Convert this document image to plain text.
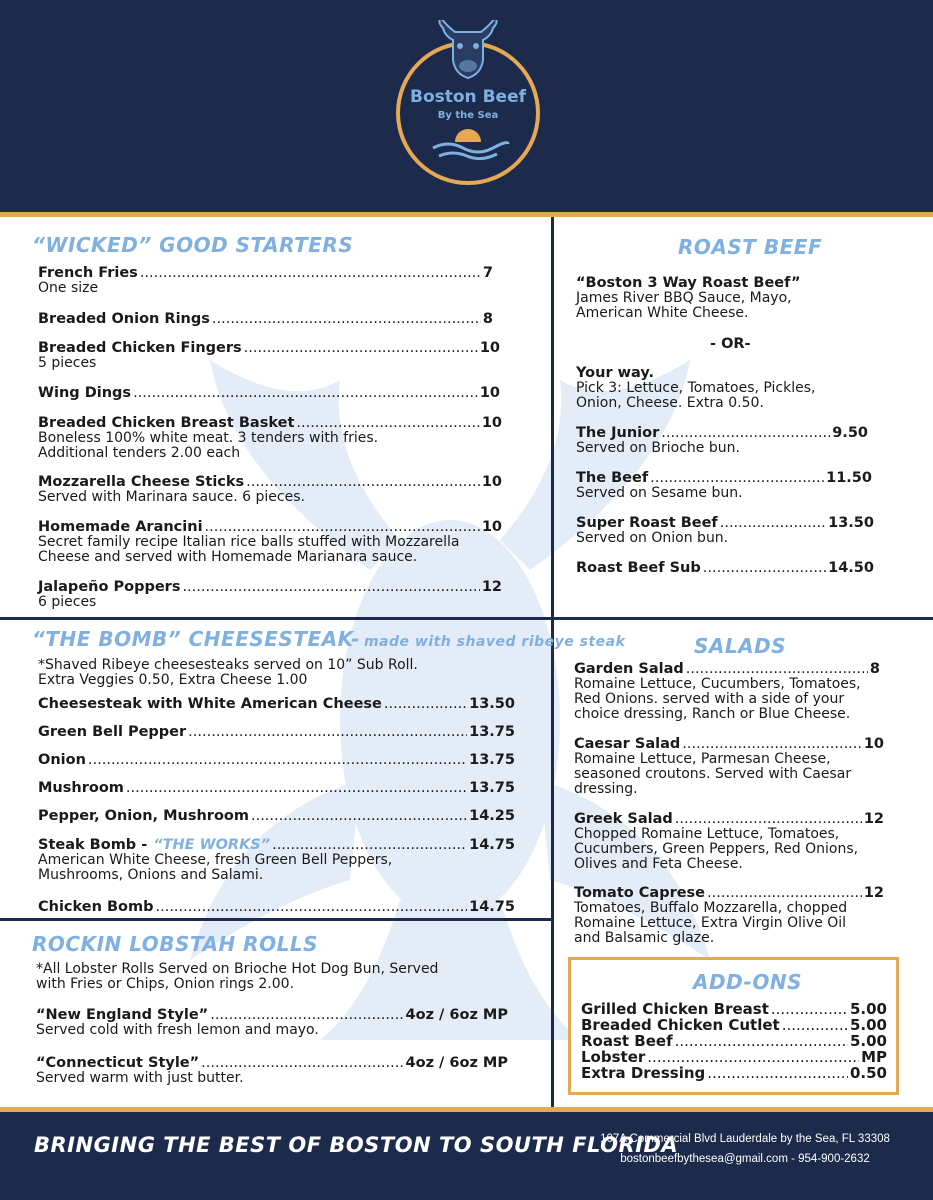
Boston Beef
By the Sea
“WICKED” GOOD STARTERS
French Fries .....	7
One size
Breaded Onion Rings .....	8
Breaded Chicken Fingers .....	10
5 pieces
Wing Dings .....	10
Breaded Chicken Breast Basket .....	10
Boneless 100% white meat. 3 tenders with fries.
Additional tenders 2.00 each
Mozzarella Cheese Sticks .....	10
Served with Marinara sauce. 6 pieces.
Homemade Arancini .....	10
Secret family recipe Italian rice balls stuffed with Mozzarella
Cheese and served with Homemade Marianara sauce.
Jalapeño Poppers .....	12
6 pieces
“THE BOMB” CHEESESTEAK- made with shaved ribeye steak
*Shaved Ribeye cheesesteaks served on 10” Sub Roll.
Extra Veggies 0.50, Extra Cheese 1.00
Cheesesteak with White American Cheese .....	13.50
Green Bell Pepper .....	13.75
Onion .....	13.75
Mushroom .....	13.75
Pepper, Onion, Mushroom .....	14.25
Steak Bomb - “THE WORKS” .....	14.75
American White Cheese, fresh Green Bell Peppers,
Mushrooms, Onions and Salami.
Chicken Bomb .....	14.75
ROCKIN LOBSTAH ROLLS
*All Lobster Rolls Served on Brioche Hot Dog Bun, Served
with Fries or Chips, Onion rings 2.00.
“New England Style” .....	4oz / 6oz MP
Served cold with fresh lemon and mayo.
“Connecticut Style” .....	4oz / 6oz MP
Served warm with just butter.
ROAST BEEF
“Boston 3 Way Roast Beef”
James River BBQ Sauce, Mayo,
American White Cheese.
- OR-
Your way.
Pick 3: Lettuce, Tomatoes, Pickles,
Onion, Cheese. Extra 0.50.
The Junior .....	9.50
Served on Brioche bun.
The Beef .....	11.50
Served on Sesame bun.
Super Roast Beef .....	13.50
Served on Onion bun.
Roast Beef Sub .....	14.50
SALADS
Garden Salad .....	8
Romaine Lettuce, Cucumbers, Tomatoes,
Red Onions. served with a side of your
choice dressing, Ranch or Blue Cheese.
Caesar Salad .....	10
Romaine Lettuce, Parmesan Cheese,
seasoned croutons. Served with Caesar
dressing.
Greek Salad .....	12
Chopped Romaine Lettuce, Tomatoes,
Cucumbers, Green Peppers, Red Onions,
Olives and Feta Cheese.
Tomato Caprese .....	12
Tomatoes, Buffalo Mozzarella, chopped
Romaine Lettuce, Extra Virgin Olive Oil
and Balsamic glaze.
ADD-ONS
Grilled Chicken Breast .....	5.00
Breaded Chicken Cutlet .....	5.00
Roast Beef .....	5.00
Lobster .....	MP
Extra Dressing .....	0.50
BRINGING THE BEST OF BOSTON TO SOUTH FLORIDA
107A Commercial Blvd Lauderdale by the Sea, FL 33308
bostonbeefbythesea@gmail.com - 954-900-2632
